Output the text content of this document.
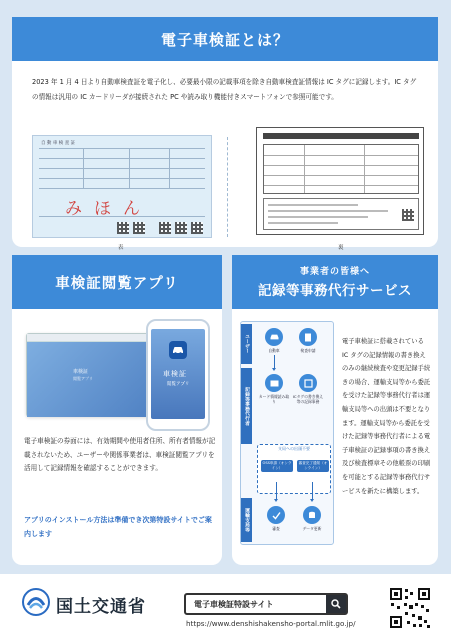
電子車検証とは？
2023 年 1 月 4 日より自動車検査証を電子化し、必要最小限の記載事項を除き自動車検査証情報は IC タグに記録します。IC タグの情報は汎用の IC カードリーダが接続された PC や読み取り機能付きスマートフォンで参照可能です。
自 動 車 検 査 証
みほん
表	裏
車検証閲覧アプリ
車検証
閲覧アプリ
車検証
閲覧アプリ
電子車検証の券面には、有効期間や使用者住所、所有者情報が記載されないため、ユーザーや関係事業者は、車検証閲覧アプリを活用して記録情報を確認することができます。
アプリのインストール方法は準備でき次第特設サイトでご案内します
事業者の皆様へ
記録等事務代行サービス
ユーザー
記録等事務代行者
運輸支局等
自動車	検査申請
カード情報読み取り
ICタグの書き換え等の記録事務
支局への出頭不要
OSS申請（オンライン）
審査完了通知（オンライン）
審査	データ更新
電子車検証に搭載されている IC タグの記録情報の書き換えのみの継続検査や変更記録手続きの場合、運輸支局等から委託を受けた記録等事務代行者は運輸支局等への出頭は不要となります。運輸支局等から委託を受けた記録等事務代行者による電子車検証の記録事項の書き換え及び検査標章その他帳票の印刷を可能とする記録等事務代行サービスを新たに構築します。
国土交通省	電子車検証特設サイト
https://www.denshishakensho-portal.mlit.go.jp/
